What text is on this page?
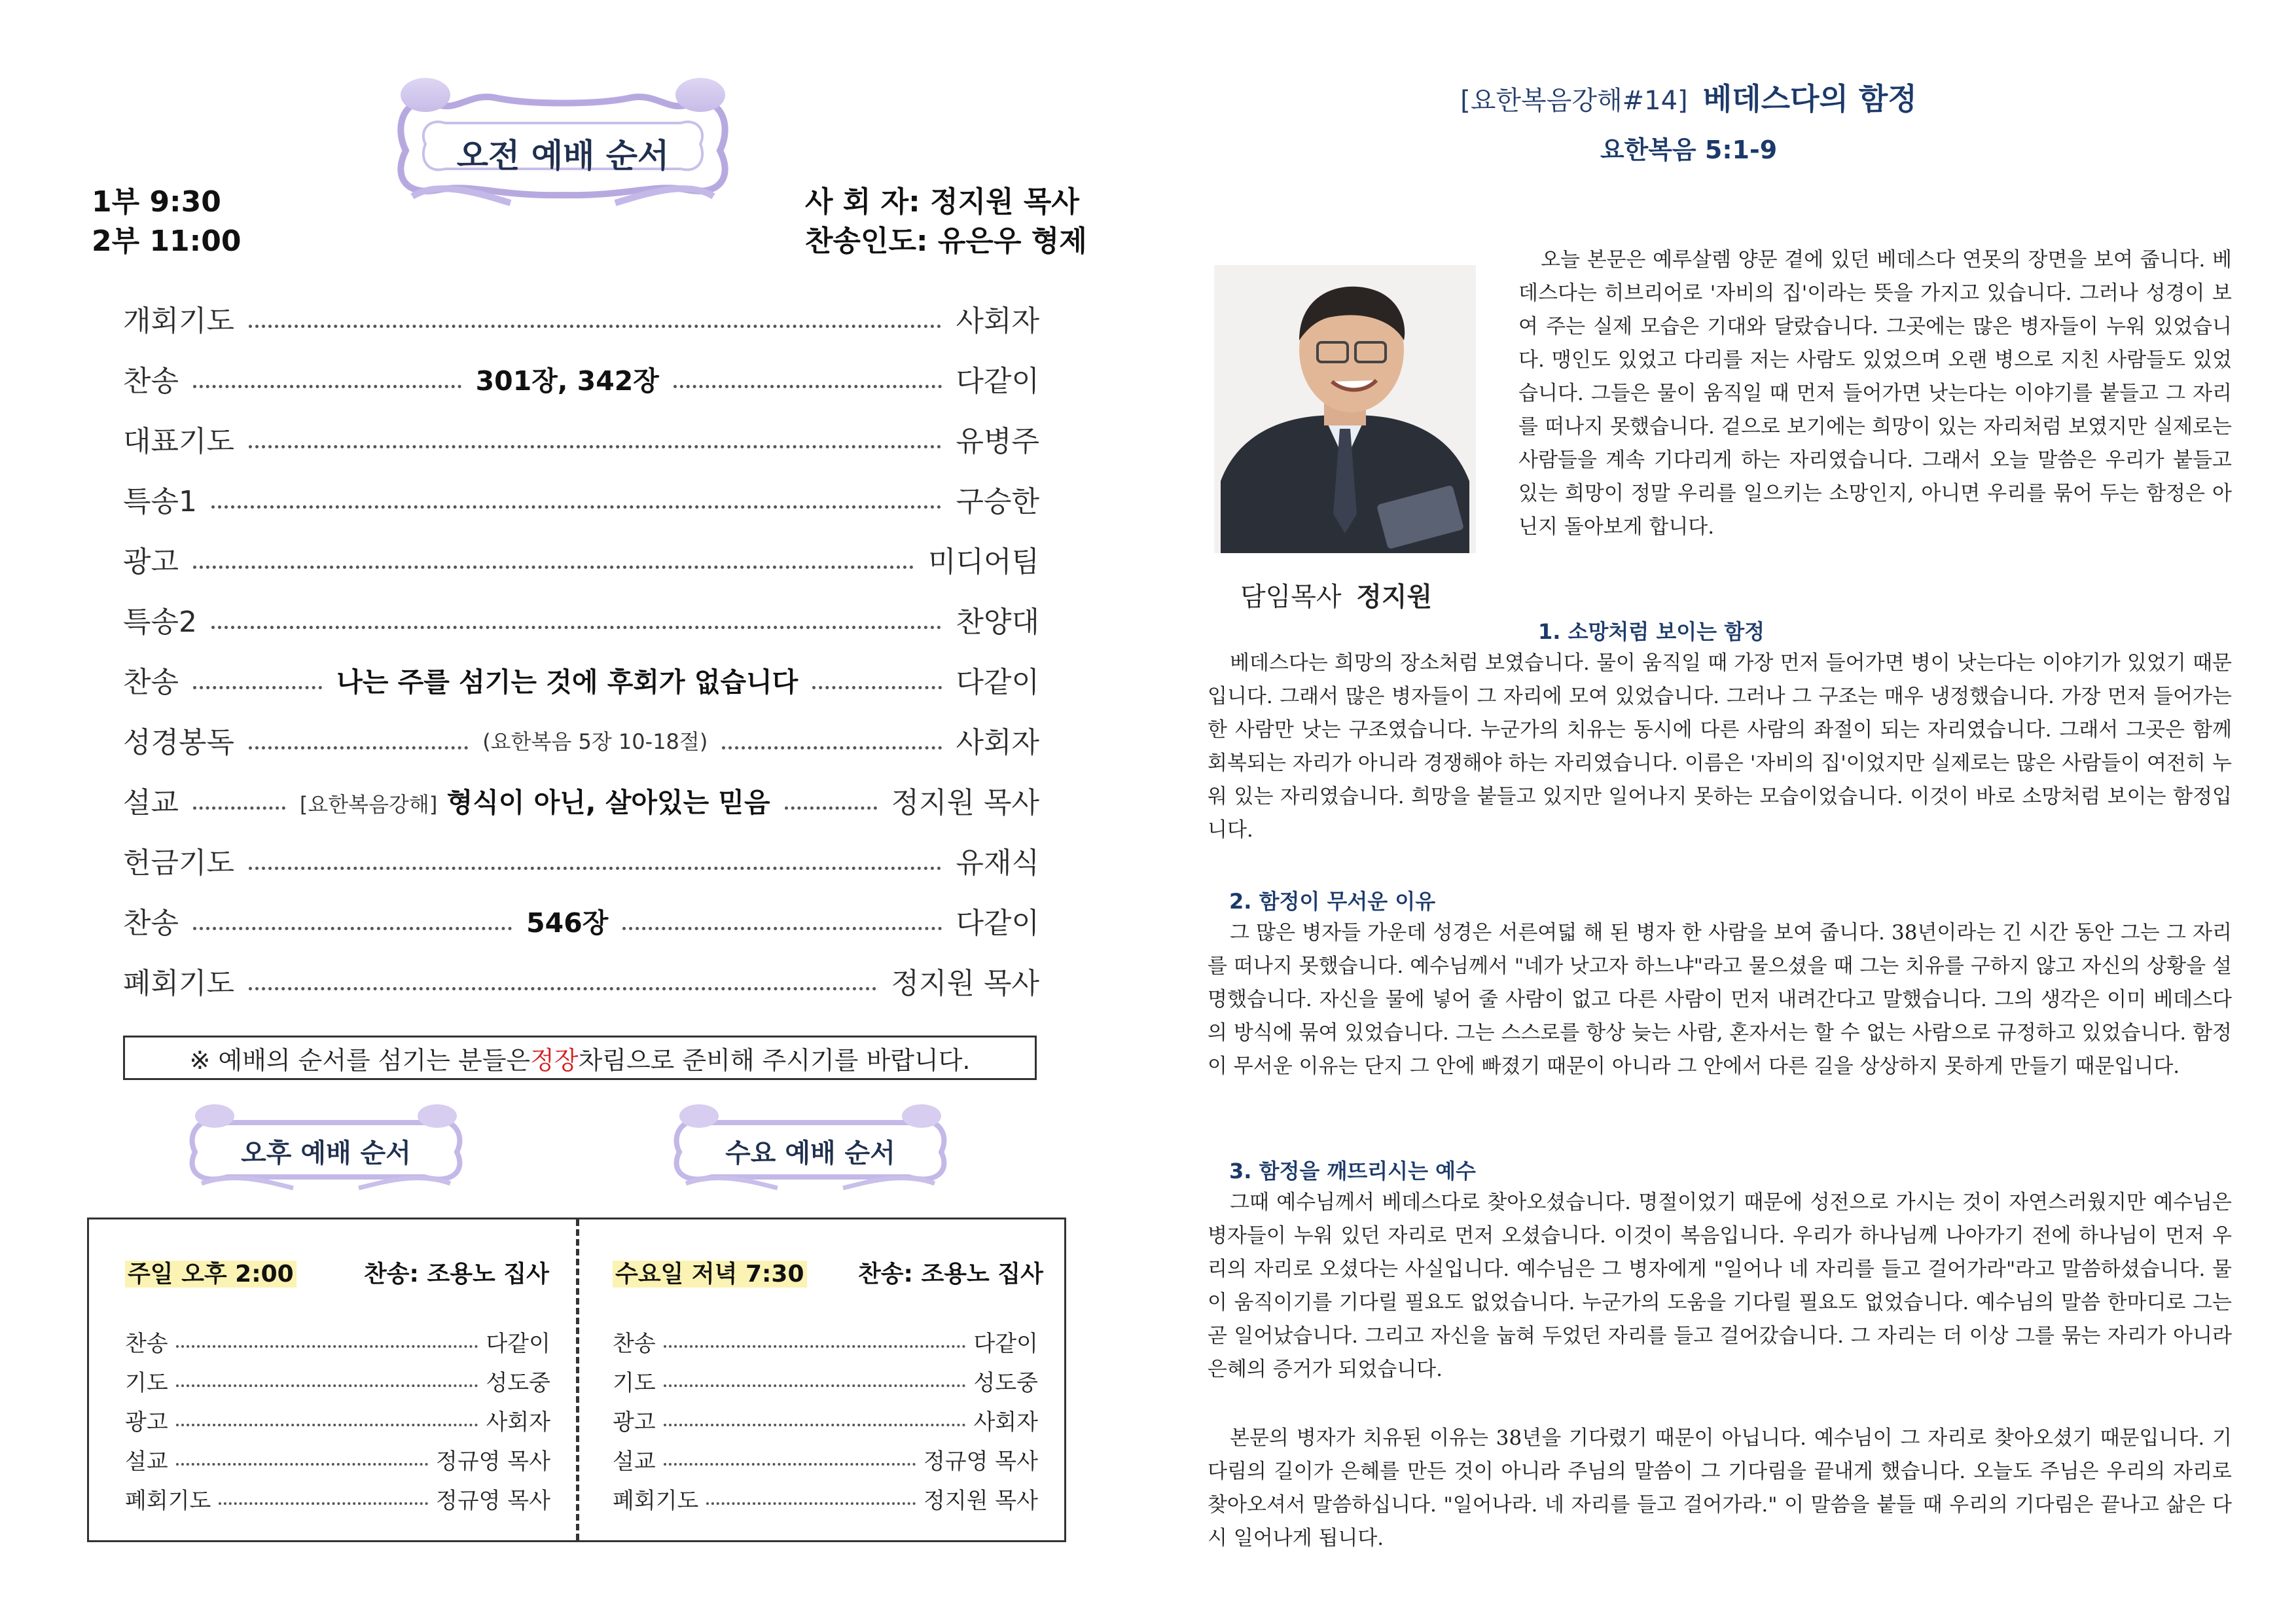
오전 예배 순서
1부 9:30
2부 11:00
사 회 자: 정지원 목사
찬송인도: 유은우 형제
개회기도	사회자
찬송	301장, 342장	다같이
대표기도	유병주
특송1	구승한
광고	미디어팀
특송2	찬양대
찬송	나는 주를 섬기는 것에 후회가 없습니다	다같이
성경봉독	(요한복음 5장 10-18절)	사회자
설교	[요한복음강해] 형식이 아닌, 살아있는 믿음	정지원 목사
헌금기도	유재식
찬송	546장	다같이
폐회기도	정지원 목사
※ 예배의 순서를 섬기는 분들은 정장 차림으로 준비해 주시기를 바랍니다.
오후 예배 순서	수요 예배 순서
주일 오후 2:00	찬송: 조용노 집사
찬송	다같이
기도	성도중
광고	사회자
설교	정규영 목사
폐회기도	정규영 목사
수요일 저녁 7:30 찬송: 조용노 집사
찬송	다같이
기도	성도중
광고	사회자
설교	정규영 목사
폐회기도	정지원 목사
[요한복음강해#14] 베데스다의 함정
요한복음 5:1-9
담임목사 정지원
오늘 본문은 예루살렘 양문 곁에 있던 베데스다 연못의 장면을 보여 줍니다. 베데스다는 히브리어로 '자비의 집'이라는 뜻을 가지고 있습니다. 그러나 성경이 보여 주는 실제 모습은 기대와 달랐습니다. 그곳에는 많은 병자들이 누워 있었습니다. 맹인도 있었고 다리를 저는 사람도 있었으며 오랜 병으로 지친 사람들도 있었습니다. 그들은 물이 움직일 때 먼저 들어가면 낫는다는 이야기를 붙들고 그 자리를 떠나지 못했습니다. 겉으로 보기에는 희망이 있는 자리처럼 보였지만 실제로는 사람들을 계속 기다리게 하는 자리였습니다. 그래서 오늘 말씀은 우리가 붙들고 있는 희망이 정말 우리를 일으키는 소망인지, 아니면 우리를 묶어 두는 함정은 아닌지 돌아보게 합니다.
1. 소망처럼 보이는 함정
베데스다는 희망의 장소처럼 보였습니다. 물이 움직일 때 가장 먼저 들어가면 병이 낫는다는 이야기가 있었기 때문입니다. 그래서 많은 병자들이 그 자리에 모여 있었습니다. 그러나 그 구조는 매우 냉정했습니다. 가장 먼저 들어가는 한 사람만 낫는 구조였습니다. 누군가의 치유는 동시에 다른 사람의 좌절이 되는 자리였습니다. 그래서 그곳은 함께 회복되는 자리가 아니라 경쟁해야 하는 자리였습니다. 이름은 '자비의 집'이었지만 실제로는 많은 사람들이 여전히 누워 있는 자리였습니다. 희망을 붙들고 있지만 일어나지 못하는 모습이었습니다. 이것이 바로 소망처럼 보이는 함정입니다.
2. 함정이 무서운 이유
그 많은 병자들 가운데 성경은 서른여덟 해 된 병자 한 사람을 보여 줍니다. 38년이라는 긴 시간 동안 그는 그 자리를 떠나지 못했습니다. 예수님께서 "네가 낫고자 하느냐"라고 물으셨을 때 그는 치유를 구하지 않고 자신의 상황을 설명했습니다. 자신을 물에 넣어 줄 사람이 없고 다른 사람이 먼저 내려간다고 말했습니다. 그의 생각은 이미 베데스다의 방식에 묶여 있었습니다. 그는 스스로를 항상 늦는 사람, 혼자서는 할 수 없는 사람으로 규정하고 있었습니다. 함정이 무서운 이유는 단지 그 안에 빠졌기 때문이 아니라 그 안에서 다른 길을 상상하지 못하게 만들기 때문입니다.
3. 함정을 깨뜨리시는 예수
그때 예수님께서 베데스다로 찾아오셨습니다. 명절이었기 때문에 성전으로 가시는 것이 자연스러웠지만 예수님은 병자들이 누워 있던 자리로 먼저 오셨습니다. 이것이 복음입니다. 우리가 하나님께 나아가기 전에 하나님이 먼저 우리의 자리로 오셨다는 사실입니다. 예수님은 그 병자에게 "일어나 네 자리를 들고 걸어가라"라고 말씀하셨습니다. 물이 움직이기를 기다릴 필요도 없었습니다. 누군가의 도움을 기다릴 필요도 없었습니다. 예수님의 말씀 한마디로 그는 곧 일어났습니다. 그리고 자신을 눕혀 두었던 자리를 들고 걸어갔습니다. 그 자리는 더 이상 그를 묶는 자리가 아니라 은혜의 증거가 되었습니다.
본문의 병자가 치유된 이유는 38년을 기다렸기 때문이 아닙니다. 예수님이 그 자리로 찾아오셨기 때문입니다. 기다림의 길이가 은혜를 만든 것이 아니라 주님의 말씀이 그 기다림을 끝내게 했습니다. 오늘도 주님은 우리의 자리로 찾아오셔서 말씀하십니다. "일어나라. 네 자리를 들고 걸어가라." 이 말씀을 붙들 때 우리의 기다림은 끝나고 삶은 다시 일어나게 됩니다.
